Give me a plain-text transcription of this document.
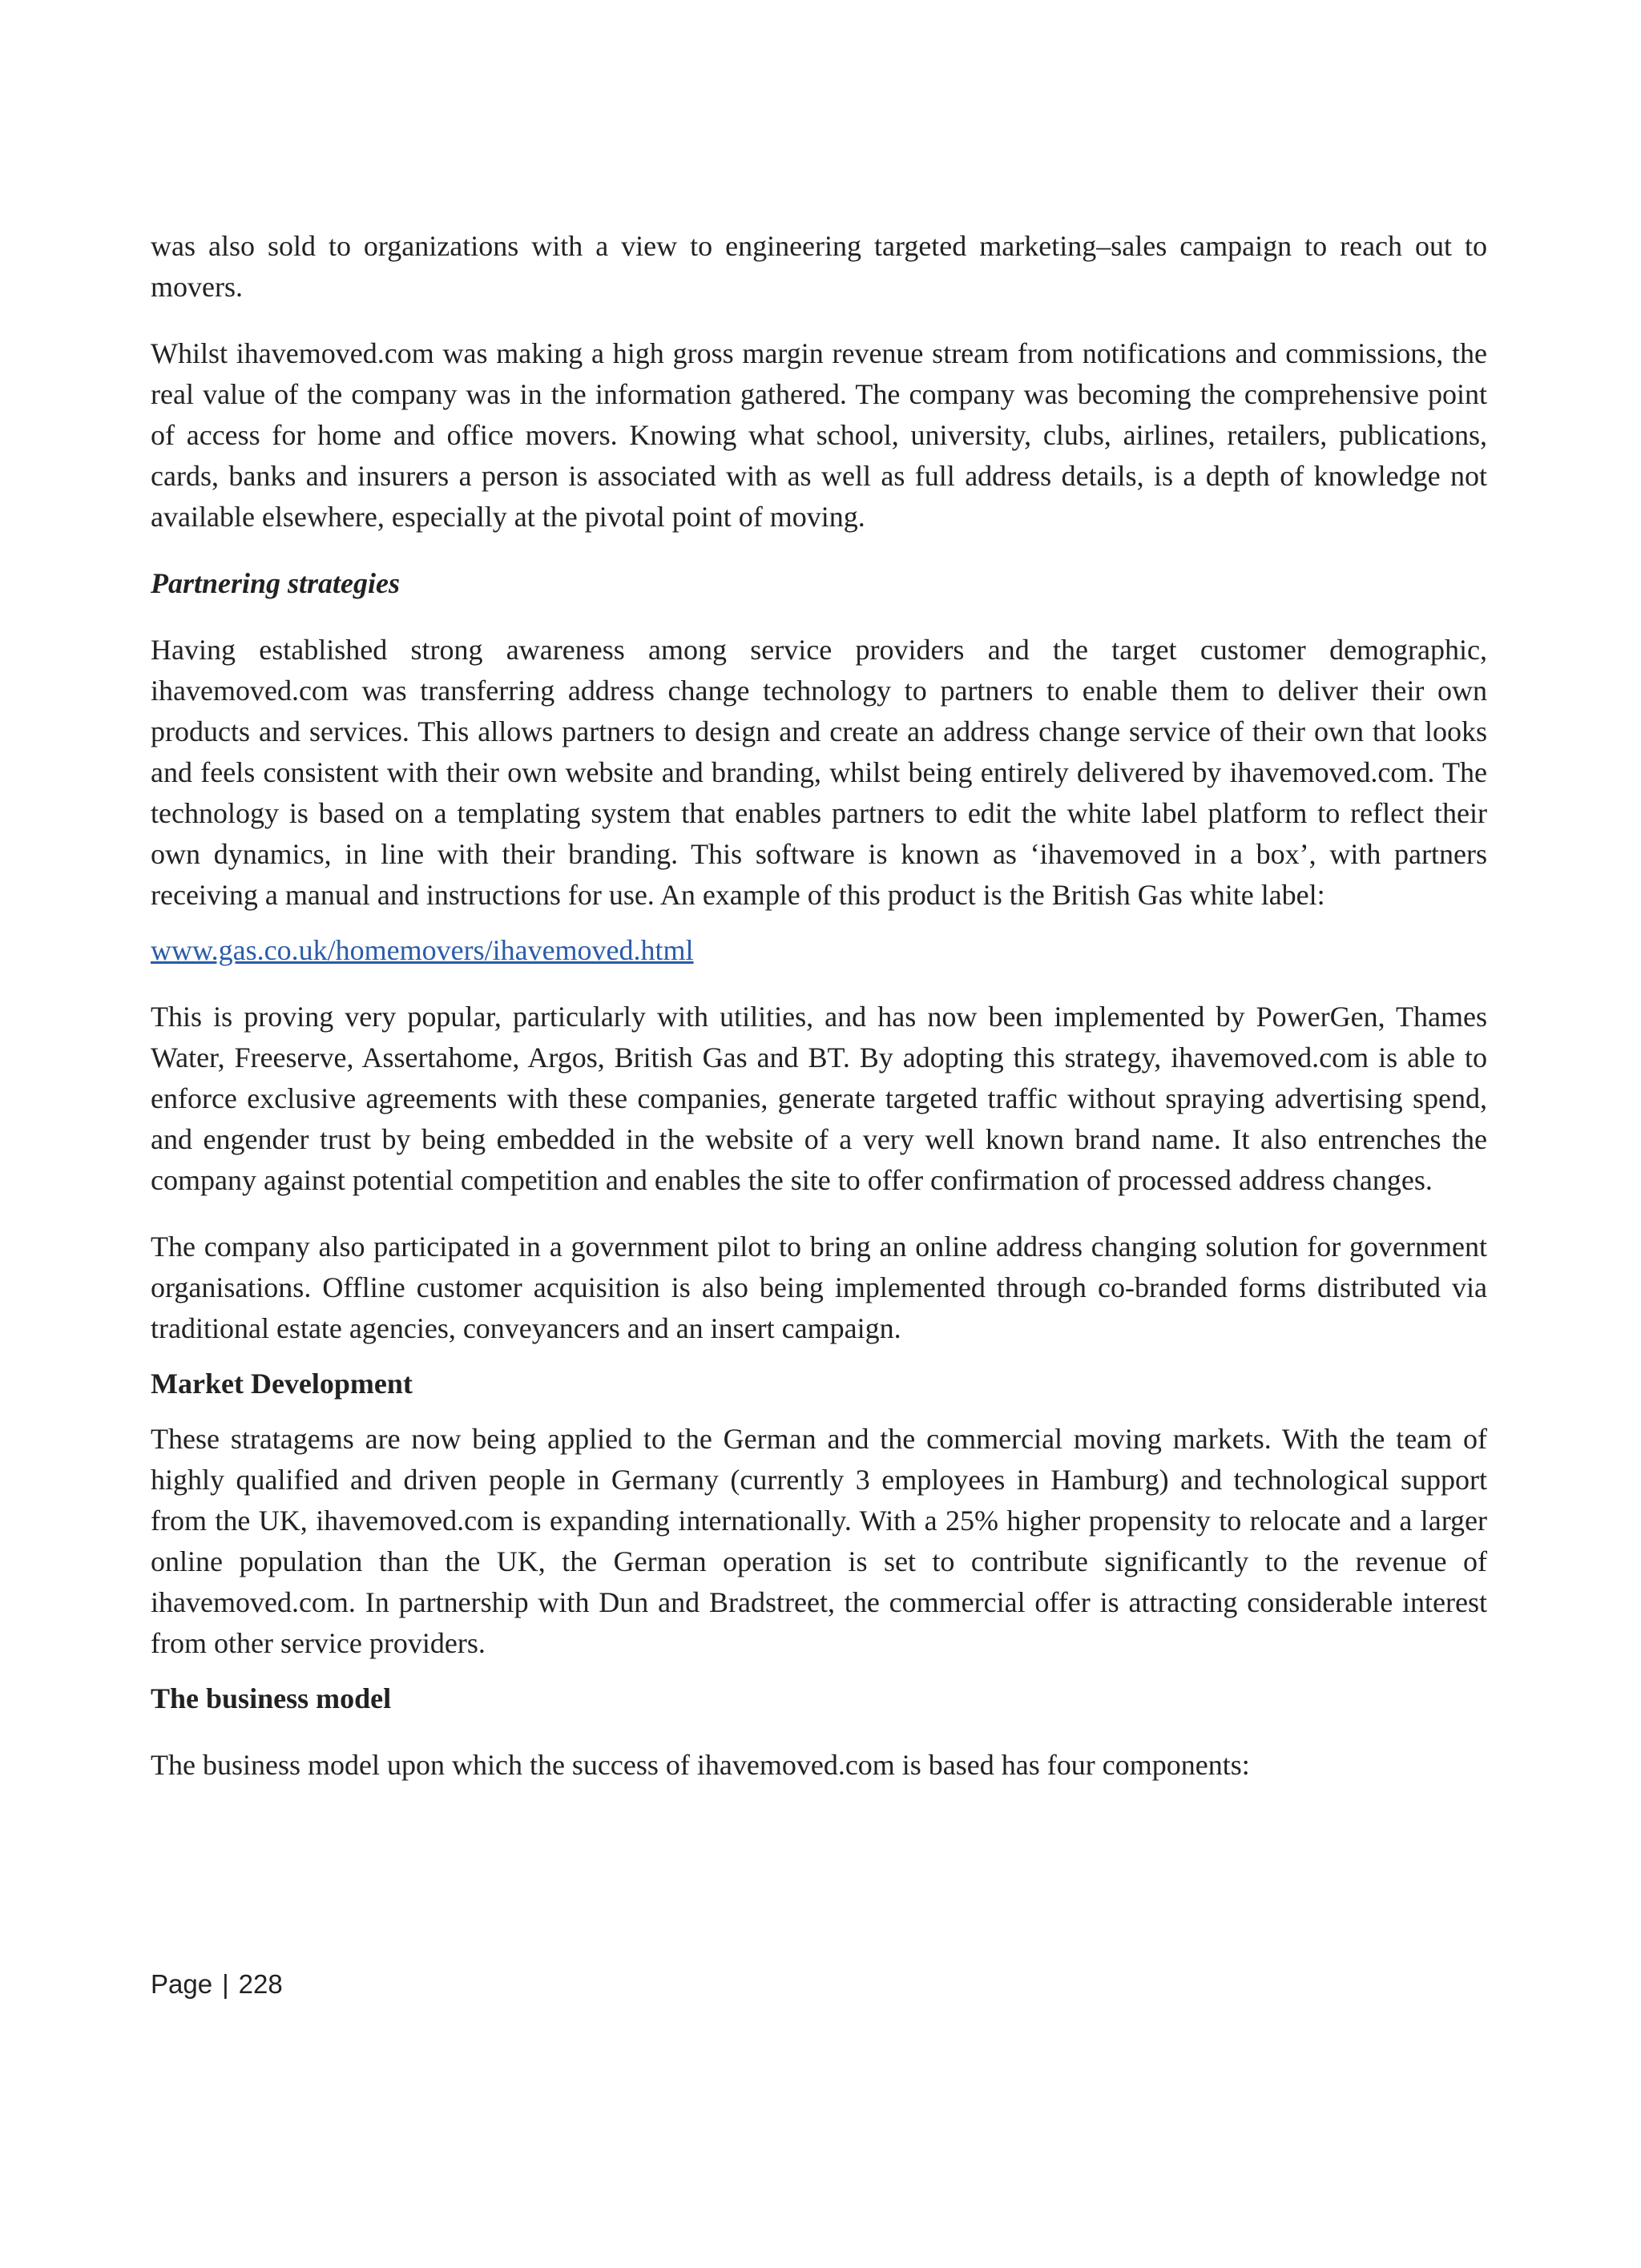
was also sold to organizations with a view to engineering targeted marketing–sales campaign to reach out to movers.

Whilst ihavemoved.com was making a high gross margin revenue stream from notifications and commissions, the real value of the company was in the information gathered. The company was becoming the comprehensive point of access for home and office movers. Knowing what school, university, clubs, airlines, retailers, publications, cards, banks and insurers a person is associated with as well as full address details, is a depth of knowledge not available elsewhere, especially at the pivotal point of moving.

Partnering strategies

Having established strong awareness among service providers and the target customer demographic, ihavemoved.com was transferring address change technology to partners to enable them to deliver their own products and services. This allows partners to design and create an address change service of their own that looks and feels consistent with their own website and branding, whilst being entirely delivered by ihavemoved.com. The technology is based on a templating system that enables partners to edit the white label platform to reflect their own dynamics, in line with their branding. This software is known as ‘ihavemoved in a box’, with partners receiving a manual and instructions for use. An example of this product is the British Gas white label:

www.gas.co.uk/homemovers/ihavemoved.html

This is proving very popular, particularly with utilities, and has now been implemented by PowerGen, Thames Water, Freeserve, Assertahome, Argos, British Gas and BT. By adopting this strategy, ihavemoved.com is able to enforce exclusive agreements with these companies, generate targeted traffic without spraying advertising spend, and engender trust by being embedded in the website of a very well known brand name. It also entrenches the company against potential competition and enables the site to offer confirmation of processed address changes.

The company also participated in a government pilot to bring an online address changing solution for government organisations. Offline customer acquisition is also being implemented through co-branded forms distributed via traditional estate agencies, conveyancers and an insert campaign.

Market Development

These stratagems are now being applied to the German and the commercial moving markets. With the team of highly qualified and driven people in Germany (currently 3 employees in Hamburg) and technological support from the UK, ihavemoved.com is expanding internationally. With a 25% higher propensity to relocate and a larger online population than the UK, the German operation is set to contribute significantly to the revenue of ihavemoved.com. In partnership with Dun and Bradstreet, the commercial offer is attracting considerable interest from other service providers.

The business model

The business model upon which the success of ihavemoved.com is based has four components:

Page | 228
